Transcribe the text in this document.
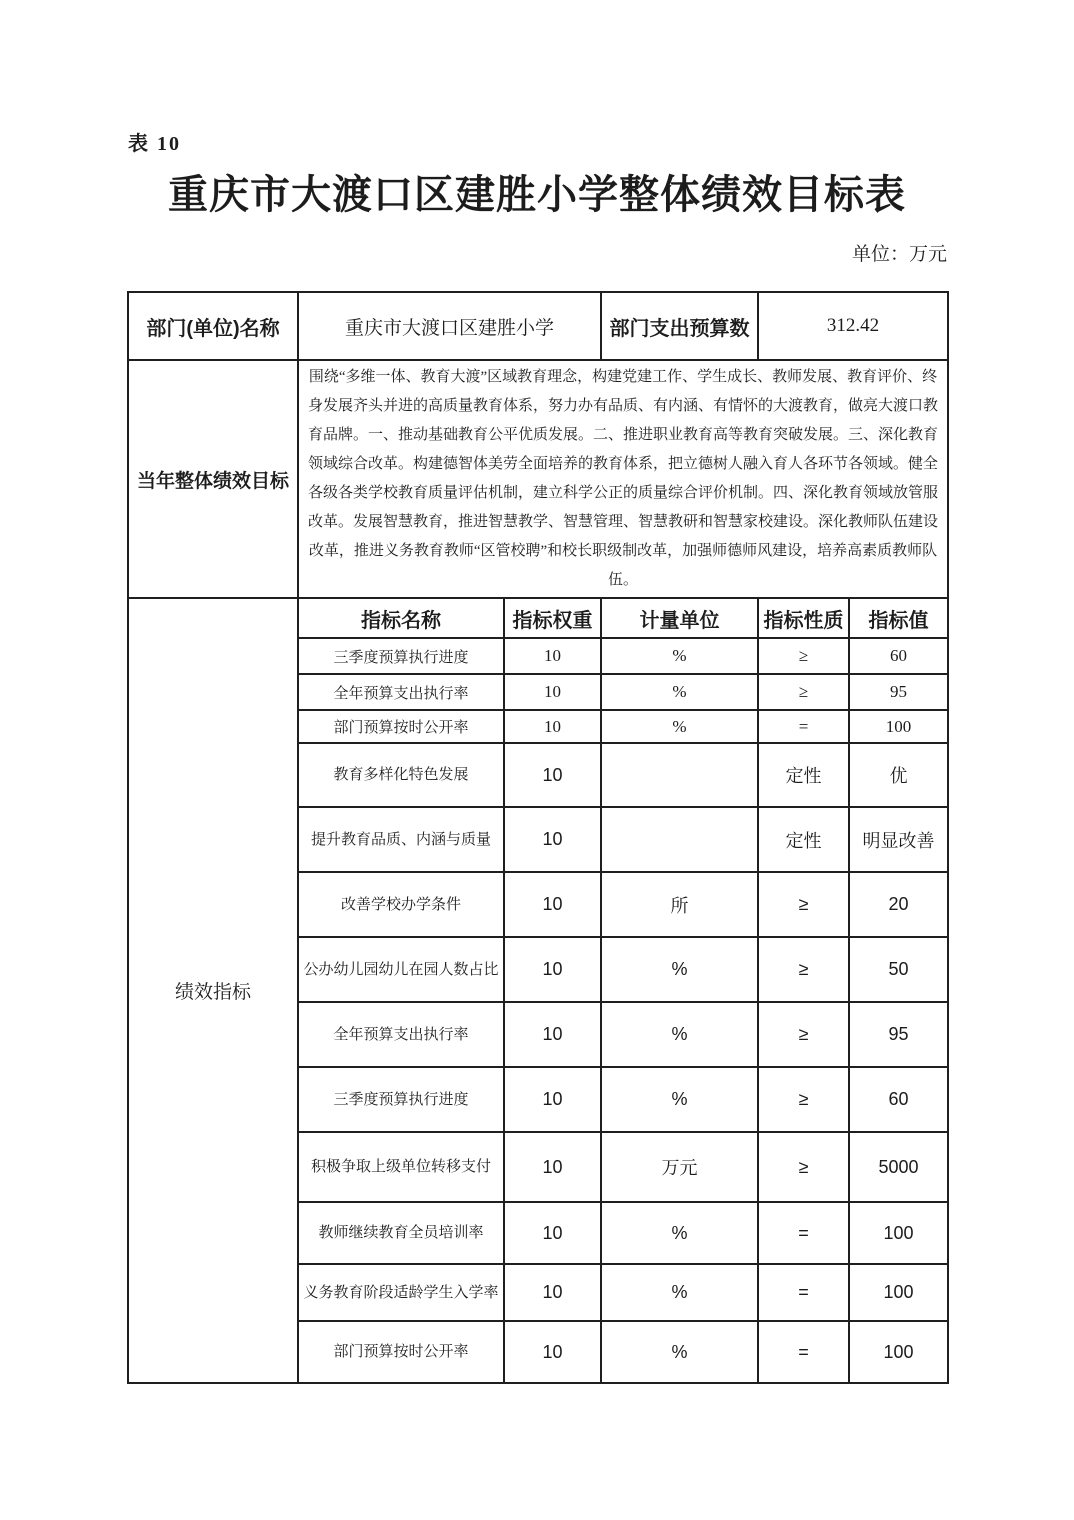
表 10
重庆市大渡口区建胜小学整体绩效目标表
单位：万元
部门(单位)名称	重庆市大渡口区建胜小学		部门支出预算数	312.42	
当年整体绩效目标	围绕“多维一体、教育大渡”区域教育理念，构建党建工作、学生成长、教师发展、教育评价、终身发展齐头并进的高质量教育体系，努力办有品质、有内涵、有情怀的大渡教育，做亮大渡口教育品牌。一、推动基础教育公平优质发展。二、推进职业教育高等教育突破发展。三、深化教育领域综合改革。构建德智体美劳全面培养的教育体系，把立德树人融入育人各环节各领域。健全各级各类学校教育质量评估机制，建立科学公正的质量综合评价机制。四、深化教育领域放管服改革。发展智慧教育，推进智慧教学、智慧管理、智慧教研和智慧家校建设。深化教师队伍建设改革，推进义务教育教师“区管校聘”和校长职级制改革，加强师德师风建设，培养高素质教师队伍。				
绩效指标	指标名称	指标权重	计量单位	指标性质	指标值
	三季度预算执行进度	10	%	≥	60
	全年预算支出执行率	10	%	≥	95
	部门预算按时公开率	10	%	=	100
	教育多样化特色发展	10		定性	优
	提升教育品质、内涵与质量	10		定性	明显改善
	改善学校办学条件	10	所	≥	20
	公办幼儿园幼儿在园人数占比	10	%	≥	50
	全年预算支出执行率	10	%	≥	95
	三季度预算执行进度	10	%	≥	60
	积极争取上级单位转移支付	10	万元	≥	5000
	教师继续教育全员培训率	10	%	=	100
	义务教育阶段适龄学生入学率	10	%	=	100
	部门预算按时公开率	10	%	=	100
